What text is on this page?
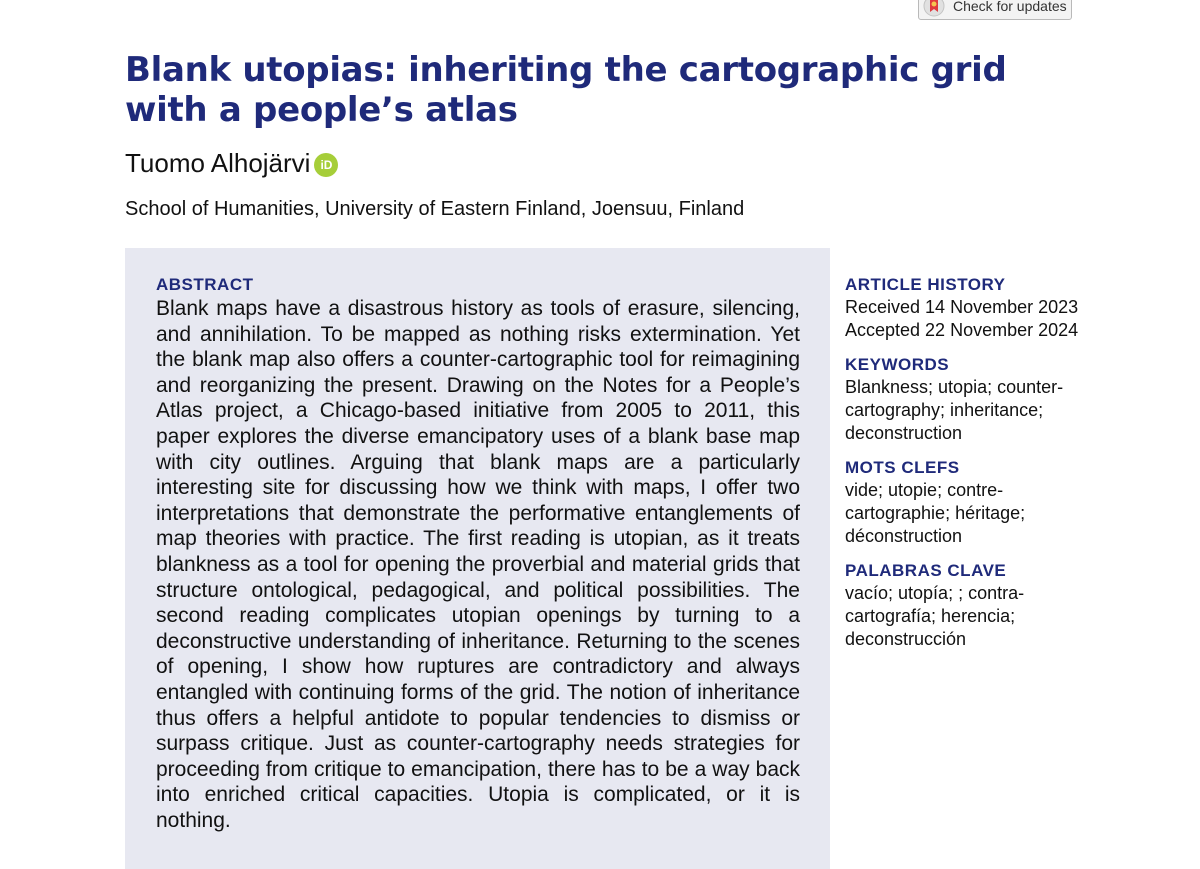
Check for updates
Blank utopias: inheriting the cartographic grid with a people’s atlas
Tuomo Alhojärvi iD
School of Humanities, University of Eastern Finland, Joensuu, Finland
ABSTRACT

Blank maps have a disastrous history as tools of erasure, silencing, and annihilation. To be mapped as nothing risks extermination. Yet the blank map also offers a counter-cartographic tool for reimagining and reorganizing the present. Drawing on the Notes for a People’s Atlas project, a Chicago-based initiative from 2005 to 2011, this paper explores the diverse emancipatory uses of a blank base map with city outlines. Arguing that blank maps are a particularly interesting site for discussing how we think with maps, I offer two interpretations that demonstrate the performative entanglements of map theories with practice. The first reading is utopian, as it treats blankness as a tool for opening the proverbial and material grids that structure ontological, pedagogical, and political possibilities. The second reading complicates utopian openings by turning to a deconstructive understanding of inheritance. Returning to the scenes of opening, I show how ruptures are contradictory and always entangled with continuing forms of the grid. The notion of inheritance thus offers a helpful antidote to popular tendencies to dismiss or surpass critique. Just as counter-cartography needs strategies for proceeding from critique to emancipation, there has to be a way back into enriched critical capacities. Utopia is complicated, or it is nothing.

ARTICLE HISTORY
Received 14 November 2023
Accepted 22 November 2024
KEYWORDS
Blankness; utopia; counter-
cartography; inheritance;
deconstruction
MOTS CLEFS
vide; utopie; contre-
cartographie; héritage;
déconstruction
PALABRAS CLAVE
vacío; utopía; ; contra-
cartografía; herencia;
deconstrucción
